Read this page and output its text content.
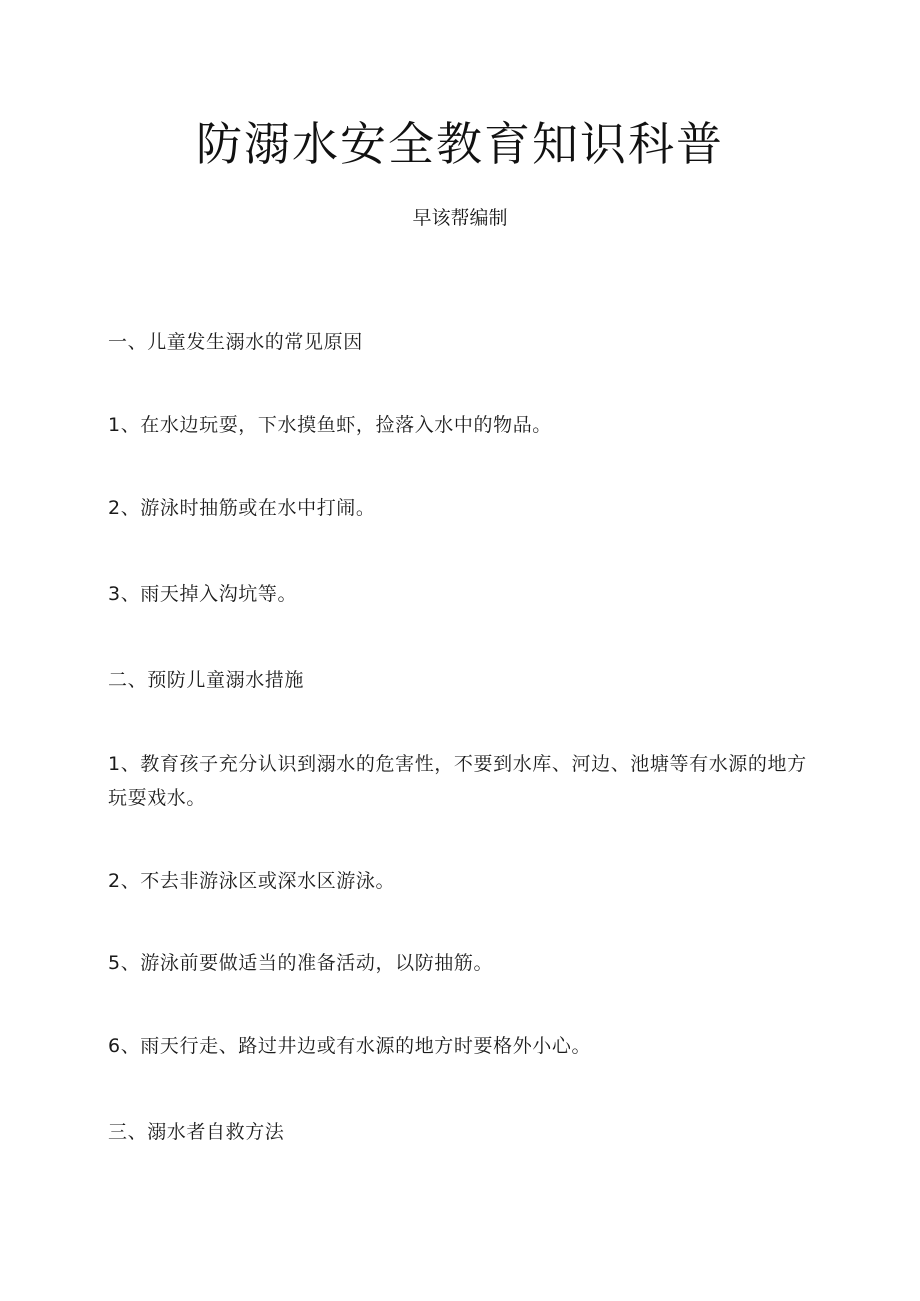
防溺水安全教育知识科普
早该帮编制
一、儿童发生溺水的常见原因
1、在水边玩耍，下水摸鱼虾，捡落入水中的物品。
2、游泳时抽筋或在水中打闹。
3、雨天掉入沟坑等。
二、预防儿童溺水措施
1、教育孩子充分认识到溺水的危害性，不要到水库、河边、池塘等有水源的地方玩耍戏水。
2、不去非游泳区或深水区游泳。
5、游泳前要做适当的准备活动，以防抽筋。
6、雨天行走、路过井边或有水源的地方时要格外小心。
三、溺水者自救方法
